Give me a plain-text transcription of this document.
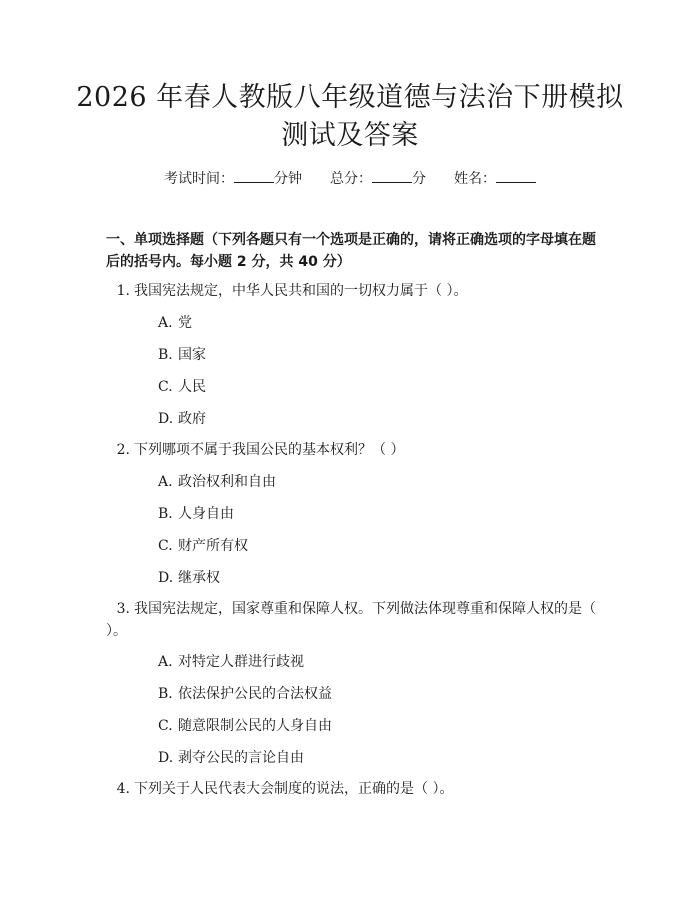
2026 年春人教版八年级道德与法治下册模拟
测试及答案
考试时间：	分钟 总分：	分 姓名：
一、单项选择题（下列各题只有一个选项是正确的，请将正确选项的字母填在题后的括号内。每小题 2 分，共 40 分）
1. 我国宪法规定，中华人民共和国的一切权力属于（ ）。
A. 党
B. 国家
C. 人民
D. 政府
2. 下列哪项不属于我国公民的基本权利？（ ）
A. 政治权利和自由
B. 人身自由
C. 财产所有权
D. 继承权
3. 我国宪法规定，国家尊重和保障人权。下列做法体现尊重和保障人权的是（ ）。
A. 对特定人群进行歧视
B. 依法保护公民的合法权益
C. 随意限制公民的人身自由
D. 剥夺公民的言论自由
4. 下列关于人民代表大会制度的说法，正确的是（ ）。
